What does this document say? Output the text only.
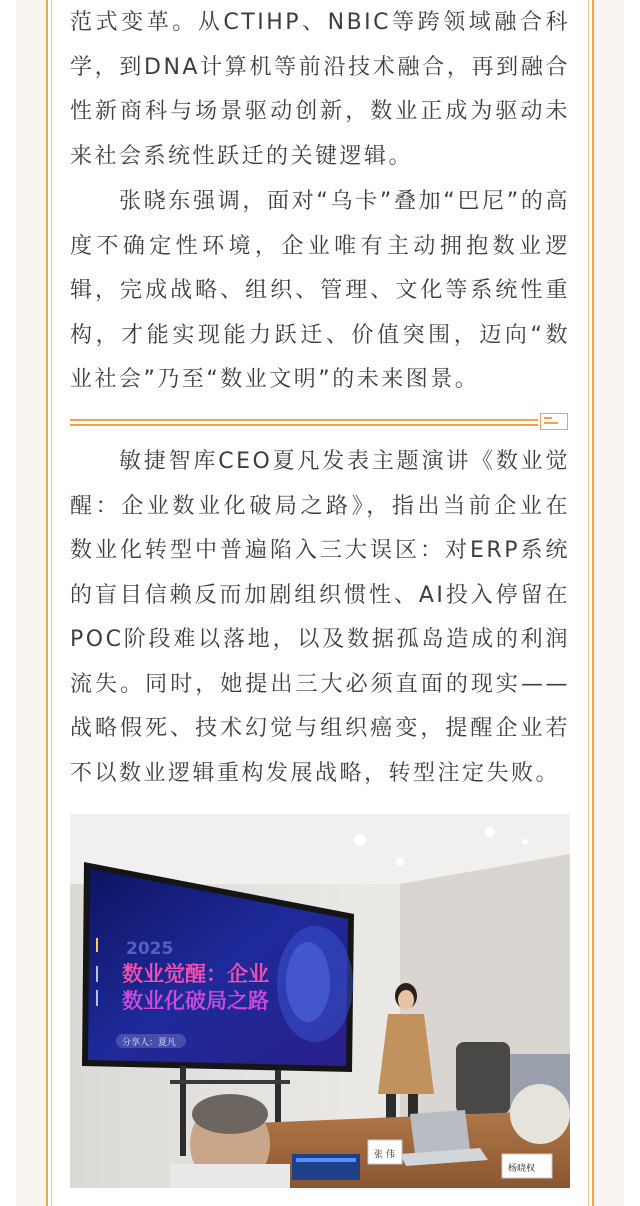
范式变革。从CTIHP、NBIC等跨领域融合科学，到DNA计算机等前沿技术融合，再到融合性新商科与场景驱动创新，数业正成为驱动未来社会系统性跃迁的关键逻辑。

张晓东强调，面对“乌卡”叠加“巴尼”的高度不确定性环境，企业唯有主动拥抱数业逻辑，完成战略、组织、管理、文化等系统性重构，才能实现能力跃迁、价值突围，迈向“数业社会”乃至“数业文明”的未来图景。

敏捷智库CEO夏凡发表主题演讲《数业觉醒：企业数业化破局之路》，指出当前企业在数业化转型中普遍陷入三大误区：对ERP系统的盲目信赖反而加剧组织惯性、AI投入停留在POC阶段难以落地，以及数据孤岛造成的利润流失。同时，她提出三大必须直面的现实——战略假死、技术幻觉与组织癌变，提醒企业若不以数业逻辑重构发展战略，转型注定失败。

2025
数业觉醒：企业
数业化破局之路
分享人：夏凡
张 伟
杨晓权
